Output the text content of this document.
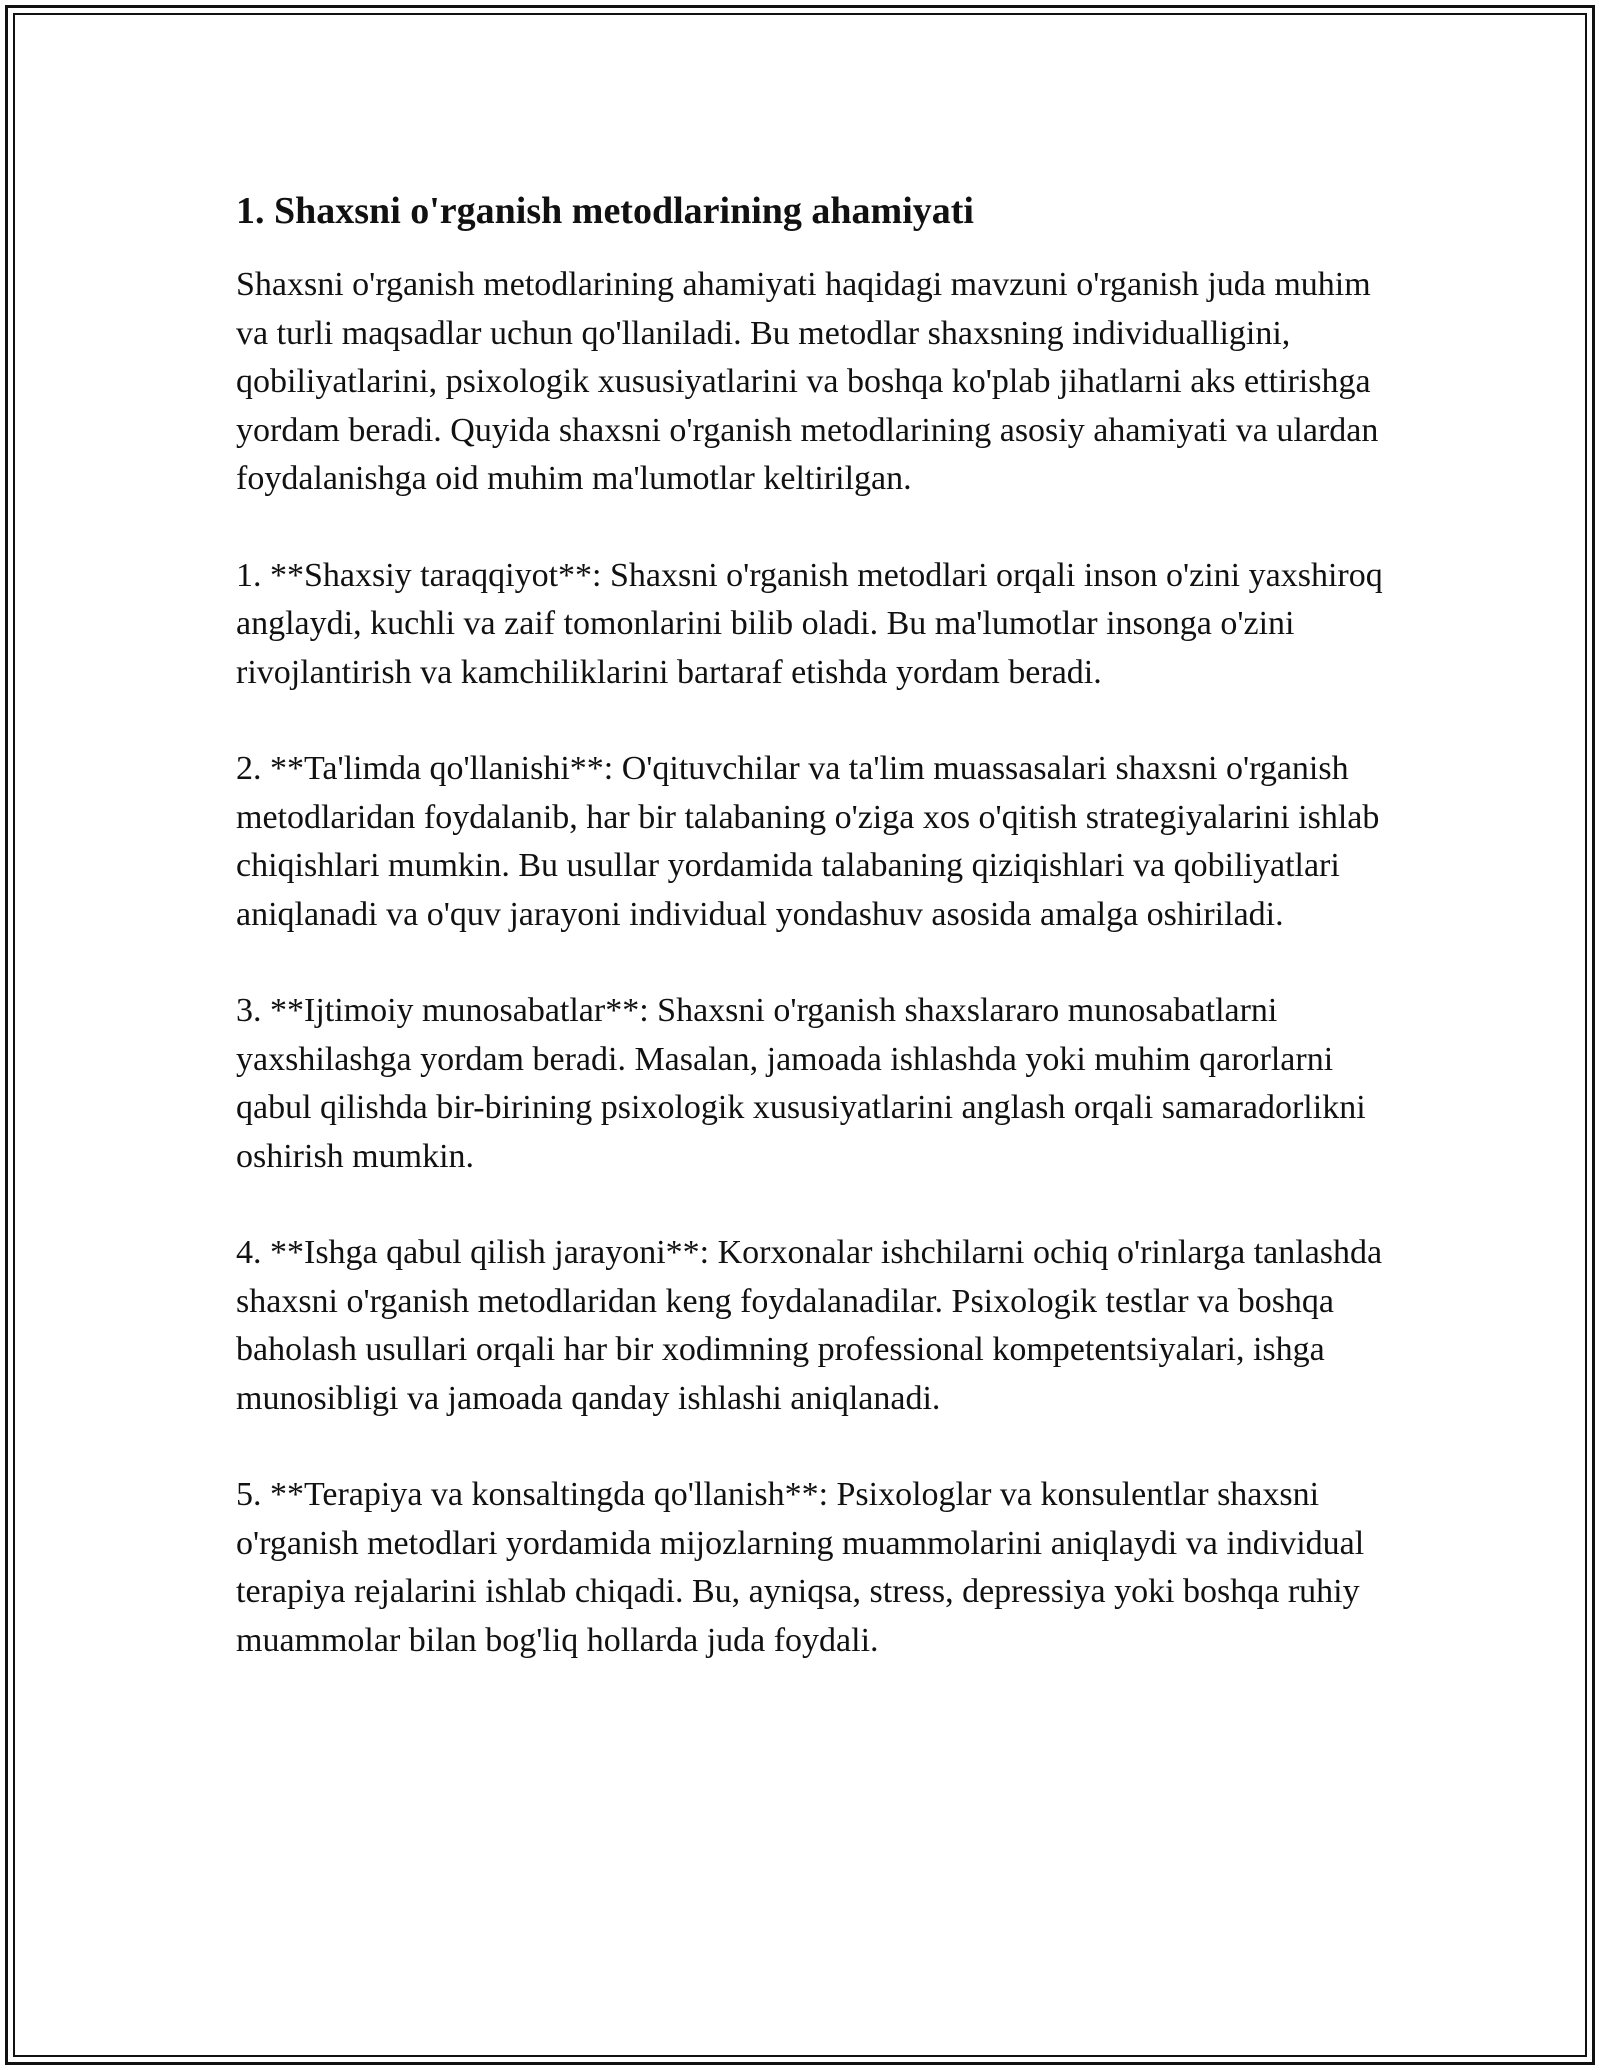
1. Shaxsni o'rganish metodlarining ahamiyati

Shaxsni o'rganish metodlarining ahamiyati haqidagi mavzuni o'rganish juda muhim va turli maqsadlar uchun qo'llaniladi. Bu metodlar shaxsning individualligini, qobiliyatlarini, psixologik xususiyatlarini va boshqa ko'plab jihatlarni aks ettirishga yordam beradi. Quyida shaxsni o'rganish metodlarining asosiy ahamiyati va ulardan foydalanishga oid muhim ma'lumotlar keltirilgan.

1. **Shaxsiy taraqqiyot**: Shaxsni o'rganish metodlari orqali inson o'zini yaxshiroq anglaydi, kuchli va zaif tomonlarini bilib oladi. Bu ma'lumotlar insonga o'zini rivojlantirish va kamchiliklarini bartaraf etishda yordam beradi.

2. **Ta'limda qo'llanishi**: O'qituvchilar va ta'lim muassasalari shaxsni o'rganish metodlaridan foydalanib, har bir talabaning o'ziga xos o'qitish strategiyalarini ishlab chiqishlari mumkin. Bu usullar yordamida talabaning qiziqishlari va qobiliyatlari aniqlanadi va o'quv jarayoni individual yondashuv asosida amalga oshiriladi.

3. **Ijtimoiy munosabatlar**: Shaxsni o'rganish shaxslararo munosabatlarni yaxshilashga yordam beradi. Masalan, jamoada ishlashda yoki muhim qarorlarni qabul qilishda bir-birining psixologik xususiyatlarini anglash orqali samaradorlikni oshirish mumkin.

4. **Ishga qabul qilish jarayoni**: Korxonalar ishchilarni ochiq o'rinlarga tanlashda shaxsni o'rganish metodlaridan keng foydalanadilar. Psixologik testlar va boshqa baholash usullari orqali har bir xodimning professional kompetentsiyalari, ishga munosibligi va jamoada qanday ishlashi aniqlanadi.

5. **Terapiya va konsaltingda qo'llanish**: Psixologlar va konsulentlar shaxsni o'rganish metodlari yordamida mijozlarning muammolarini aniqlaydi va individual terapiya rejalarini ishlab chiqadi. Bu, ayniqsa, stress, depressiya yoki boshqa ruhiy muammolar bilan bog'liq hollarda juda foydali.
